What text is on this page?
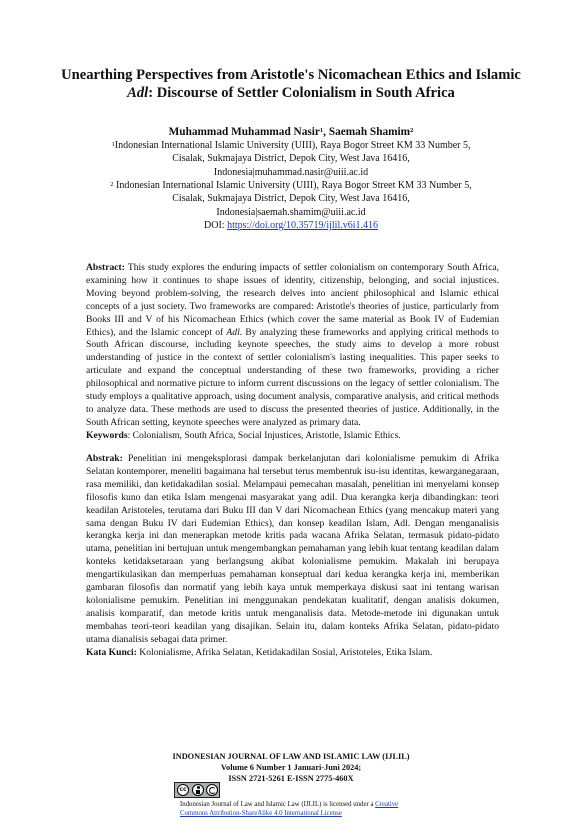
Unearthing Perspectives from Aristotle's Nicomachean Ethics and Islamic Adl: Discourse of Settler Colonialism in South Africa
Muhammad Muhammad Nasir$^1$, Saemah Shamim$^2$
$^1$Indonesian International Islamic University (UIII), Raya Bogor Street KM 33 Number 5,
Cisalak, Sukmajaya District, Depok City, West Java 16416,
Indonesia|muhammad.nasir@uiii.ac.id
$^2$ Indonesian International Islamic University (UIII), Raya Bogor Street KM 33 Number 5,
Cisalak, Sukmajaya District, Depok City, West Java 16416,
Indonesia|saemah.shamim@uiii.ac.id
DOI: https://doi.org/10.35719/ijlil.v6i1.416
Abstract: This study explores the enduring impacts of settler colonialism on contemporary South Africa, examining how it continues to shape issues of identity, citizenship, belonging, and social injustices. Moving beyond problem-solving, the research delves into ancient philosophical and Islamic ethical concepts of a just society. Two frameworks are compared: Aristotle's theories of justice, particularly from Books III and V of his Nicomachean Ethics (which cover the same material as Book IV of Eudemian Ethics), and the Islamic concept of Adl. By analyzing these frameworks and applying critical methods to South African discourse, including keynote speeches, the study aims to develop a more robust understanding of justice in the context of settler colonialism's lasting inequalities. This paper seeks to articulate and expand the conceptual understanding of these two frameworks, providing a richer philosophical and normative picture to inform current discussions on the legacy of settler colonialism. The study employs a qualitative approach, using document analysis, comparative analysis, and critical methods to analyze data. These methods are used to discuss the presented theories of justice. Additionally, in the South African setting, keynote speeches were analyzed as primary data.
Keywords: Colonialism, South Africa, Social Injustices, Aristotle, Islamic Ethics.
Abstrak: Penelitian ini mengeksplorasi dampak berkelanjutan dari kolonialisme pemukim di Afrika Selatan kontemporer, meneliti bagaimana hal tersebut terus membentuk isu-isu identitas, kewarganegaraan, rasa memiliki, dan ketidakadilan sosial. Melampaui pemecahan masalah, penelitian ini menyelami konsep filosofis kuno dan etika Islam mengenai masyarakat yang adil. Dua kerangka kerja dibandingkan: teori keadilan Aristoteles, terutama dari Buku III dan V dari Nicomachean Ethics (yang mencakup materi yang sama dengan Buku IV dari Eudemian Ethics), dan konsep keadilan Islam, Adl. Dengan menganalisis kerangka kerja ini dan menerapkan metode kritis pada wacana Afrika Selatan, termasuk pidato-pidato utama, penelitian ini bertujuan untuk mengembangkan pemahaman yang lebih kuat tentang keadilan dalam konteks ketidaksetaraan yang berlangsung akibat kolonialisme pemukim. Makalah ini berupaya mengartikulasikan dan memperluas pemahaman konseptual dari kedua kerangka kerja ini, memberikan gambaran filosofis dan normatif yang lebih kaya untuk memperkaya diskusi saat ini tentang warisan kolonialisme pemukim. Penelitian ini menggunakan pendekatan kualitatif, dengan analisis dokumen, analisis komparatif, dan metode kritis untuk menganalisis data. Metode-metode ini digunakan untuk membahas teori-teori keadilan yang disajikan. Selain itu, dalam konteks Afrika Selatan, pidato-pidato utama dianalisis sebagai data primer.
Kata Kunci: Kolonialisme, Afrika Selatan, Ketidakadilan Sosial, Aristoteles, Etika Islam.
INDONESIAN JOURNAL OF LAW AND ISLAMIC LAW (IJLIL)
Volume 6 Number 1 Januari-Juni 2024;
ISSN 2721-5261 E-ISSN 2775-460X
cc
Indonesian Journal of Law and Islamic Law (IJLIL) is licensed under a Creative
Commons Attribution-ShareAlike 4.0 International License
